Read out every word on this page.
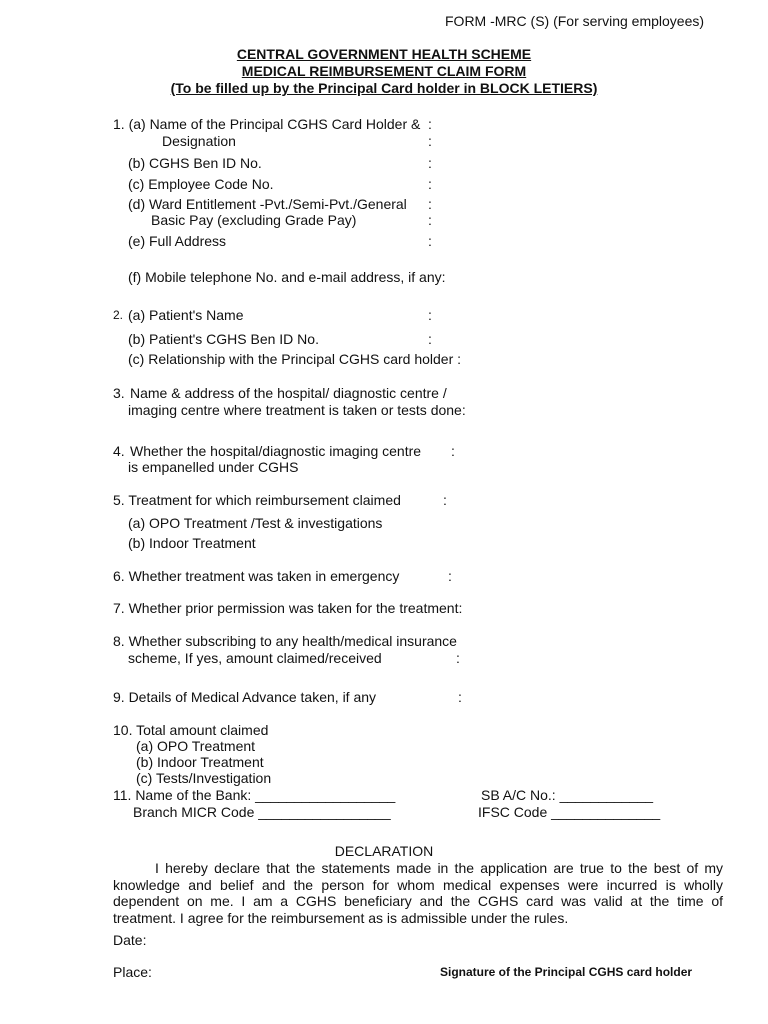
FORM -MRC (S) (For serving employees)
CENTRAL GOVERNMENT HEALTH SCHEME
MEDICAL REIMBURSEMENT CLAIM FORM
(To be filled up by the Principal Card holder in BLOCK LETIERS)
1. (a) Name of the Principal CGHS Card Holder & :
Designation	:
(b) CGHS Ben ID No.	:
(c) Employee Code No.	:
(d) Ward Entitlement -Pvt./Semi-Pvt./General :
Basic Pay (excluding Grade Pay)	:
(e) Full Address	:
(f) Mobile telephone No. and e-mail address, if any:
2. (a) Patient's Name	:
(b) Patient's CGHS Ben ID No.	:
(c) Relationship with the Principal CGHS card holder :
3. Name & address of the hospital/ diagnostic centre /
imaging centre where treatment is taken or tests done:
4. Whether the hospital/diagnostic imaging centre :
is empanelled under CGHS
5. Treatment for which reimbursement claimed	:
(a) OPO Treatment /Test & investigations
(b) Indoor Treatment
6. Whether treatment was taken in emergency	:
7. Whether prior permission was taken for the treatment:
8. Whether subscribing to any health/medical insurance
scheme, If yes, amount claimed/received	:
9. Details of Medical Advance taken, if any	:
10. Total amount claimed
(a) OPO Treatment
(b) Indoor Treatment
(c) Tests/Investigation
11. Name of the Bank: __________________	SB A/C No.: ____________
Branch MICR Code _________________	IFSC Code ______________
DECLARATION
I hereby declare that the statements made in the application are true to the best of my knowledge and belief and the person for whom medical expenses were incurred is wholly dependent on me. I am a CGHS beneficiary and the CGHS card was valid at the time of treatment. I agree for the reimbursement as is admissible under the rules.
Date:
Place:	Signature of the Principal CGHS card holder
